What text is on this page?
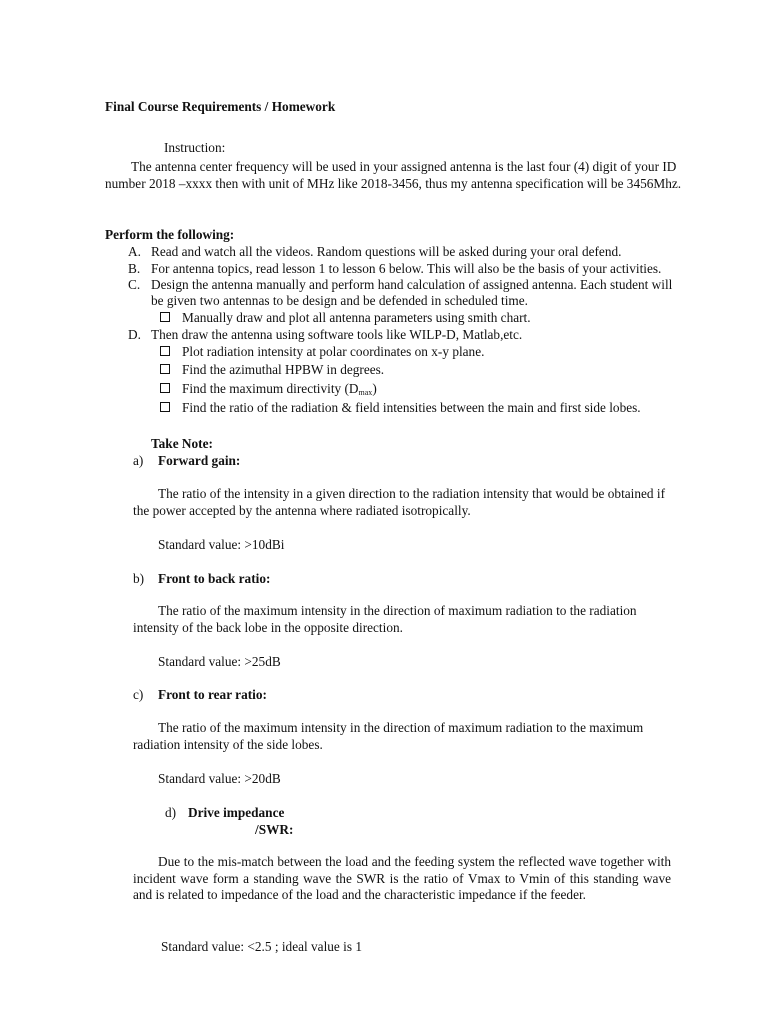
Final Course Requirements / Homework
Instruction:
The antenna center frequency will be used in your assigned antenna is the last four (4) digit of your ID number 2018 –xxxx then with unit of MHz like 2018-3456, thus my antenna specification will be 3456Mhz.
Perform the following:
A. Read and watch all the videos. Random questions will be asked during your oral defend.
B. For antenna topics, read lesson 1 to lesson 6 below. This will also be the basis of your activities.
C. Design the antenna manually and perform hand calculation of assigned antenna. Each student will
be given two antennas to be design and be defended in scheduled time.
Manually draw and plot all antenna parameters using smith chart.
D. Then draw the antenna using software tools like WILP-D, Matlab,etc.
Plot radiation intensity at polar coordinates on x-y plane.
Find the azimuthal HPBW in degrees.
Find the maximum directivity $(D_{max})$
Find the ratio of the radiation & field intensities between the main and first side lobes.
Take Note:
a) Forward gain:
The ratio of the intensity in a given direction to the radiation intensity that would be obtained if the power accepted by the antenna where radiated isotropically.
Standard value: >10dBi
b) Front to back ratio:
The ratio of the maximum intensity in the direction of maximum radiation to the radiation intensity of the back lobe in the opposite direction.
Standard value: >25dB
c) Front to rear ratio:
The ratio of the maximum intensity in the direction of maximum radiation to the maximum radiation intensity of the side lobes.
Standard value: >20dB
d) Drive impedance
/SWR:
Due to the mis-match between the load and the feeding system the reflected wave together with incident wave form a standing wave the SWR is the ratio of Vmax to Vmin of this standing wave and is related to impedance of the load and the characteristic impedance if the feeder.
Standard value: <2.5 ; ideal value is 1
